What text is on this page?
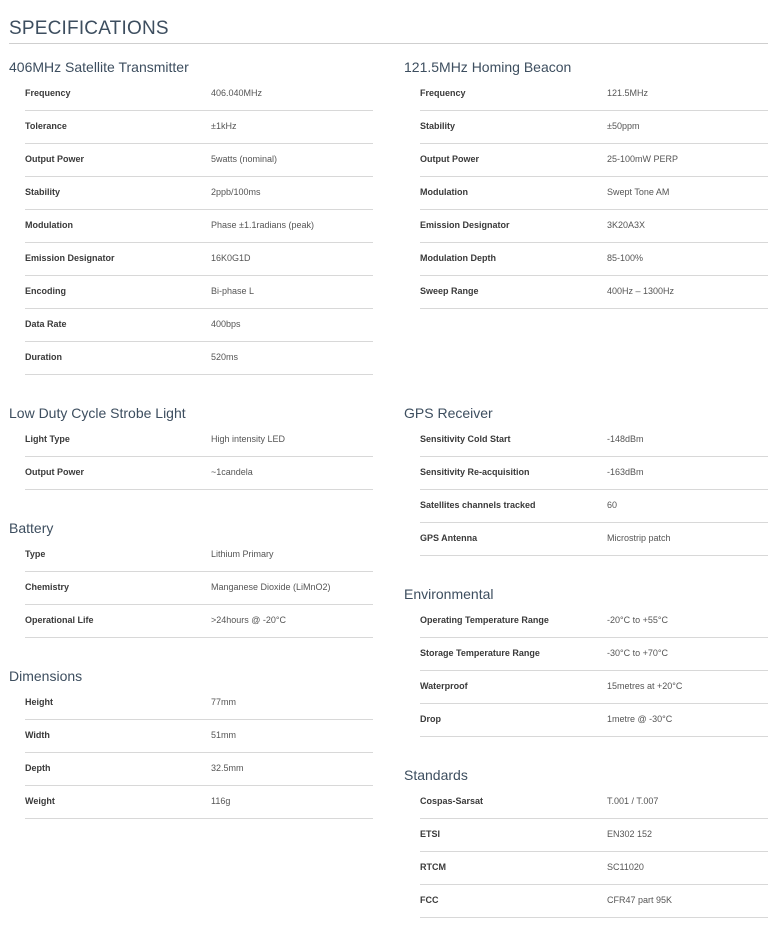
SPECIFICATIONS
406MHz Satellite Transmitter
Frequency	406.040MHz
Tolerance	±1kHz
Output Power	5watts (nominal)
Stability	2ppb/100ms
Modulation	Phase ±1.1radians (peak)
Emission Designator	16K0G1D
Encoding	Bi-phase L
Data Rate	400bps
Duration	520ms
Low Duty Cycle Strobe Light
Light Type	High intensity LED
Output Power	~1candela
Battery
Type	Lithium Primary
Chemistry	Manganese Dioxide (LiMnO2)
Operational Life	>24hours @ -20°C
Dimensions
Height	77mm
Width	51mm
Depth	32.5mm
Weight	116g
121.5MHz Homing Beacon
Frequency	121.5MHz
Stability	±50ppm
Output Power	25-100mW PERP
Modulation	Swept Tone AM
Emission Designator	3K20A3X
Modulation Depth	85-100%
Sweep Range	400Hz – 1300Hz
GPS Receiver
Sensitivity Cold Start	-148dBm
Sensitivity Re-acquisition	-163dBm
Satellites channels tracked	60
GPS Antenna	Microstrip patch
Environmental
Operating Temperature Range	-20°C to +55°C
Storage Temperature Range	-30°C to +70°C
Waterproof	15metres at +20°C
Drop	1metre @ -30°C
Standards
Cospas-Sarsat	T.001 / T.007
ETSI	EN302 152
RTCM	SC11020
FCC	CFR47 part 95K
